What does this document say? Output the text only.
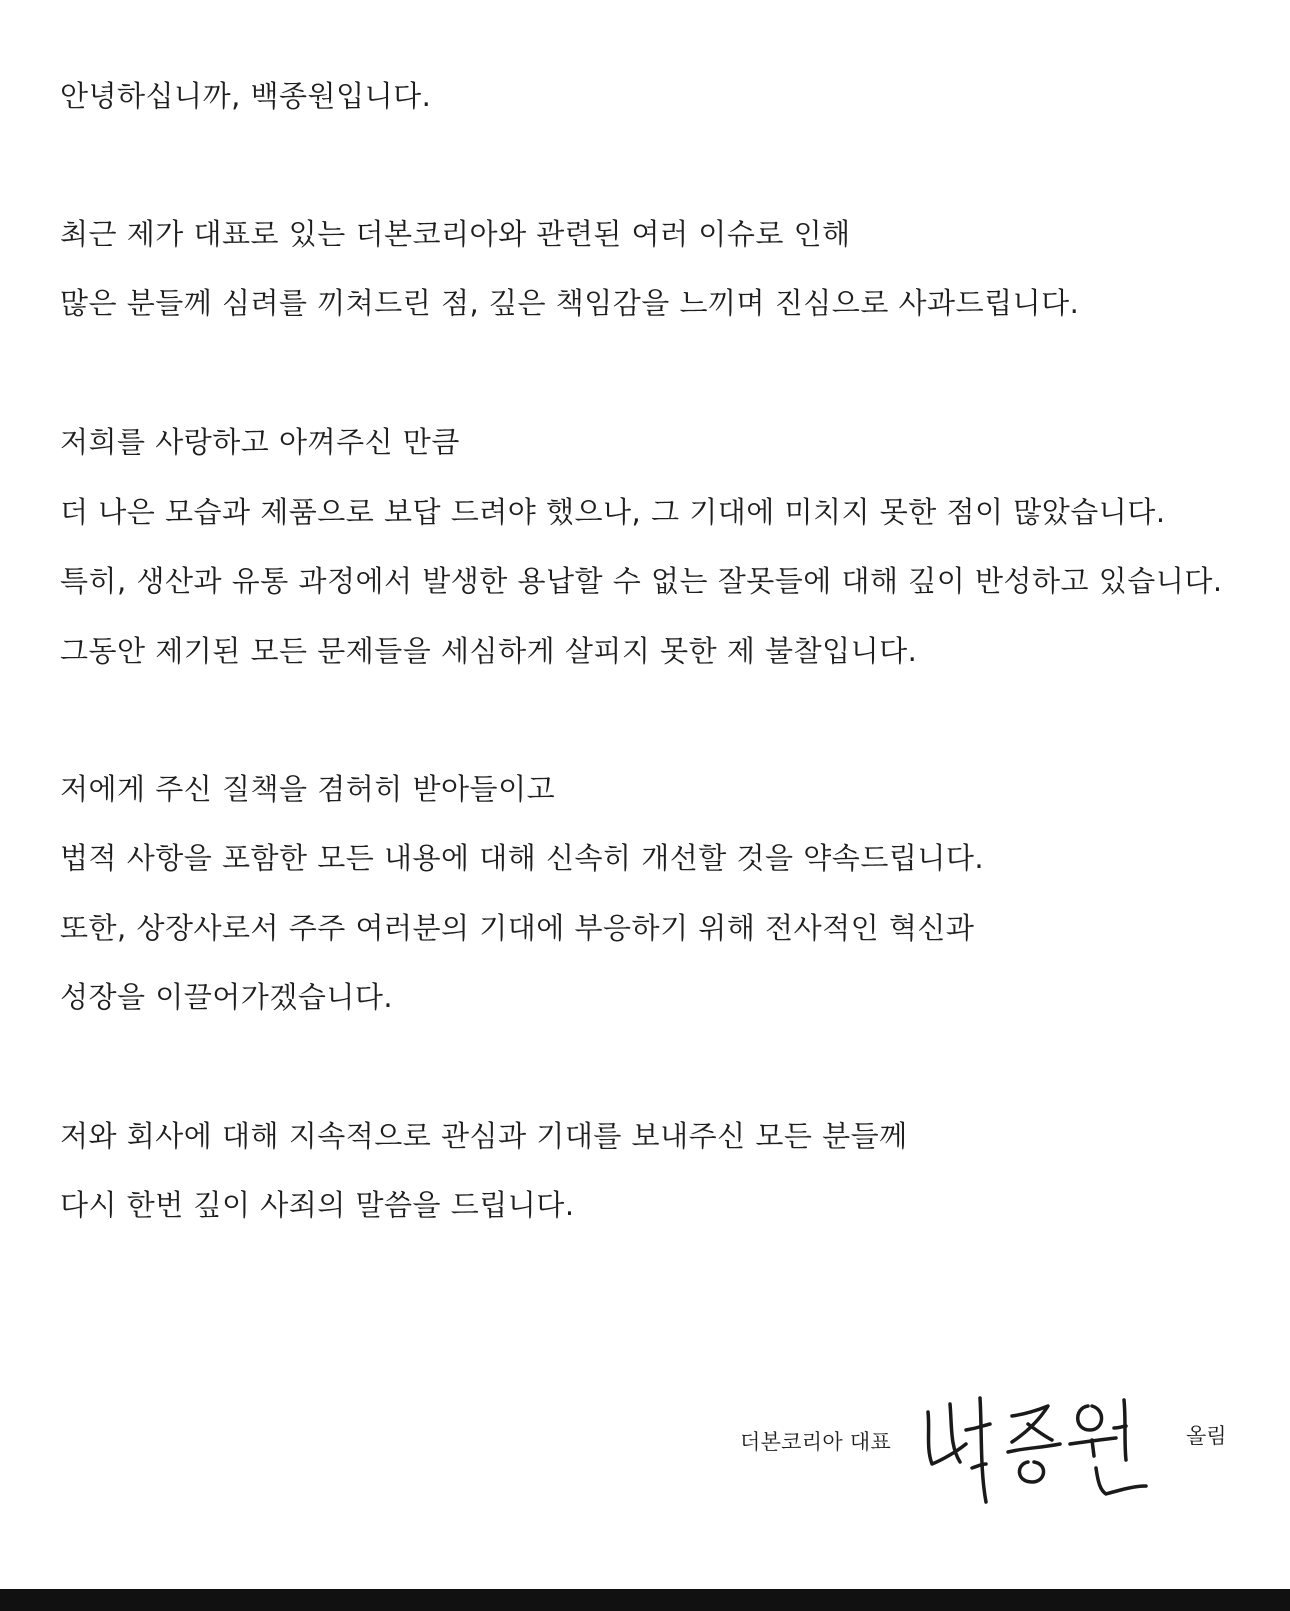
안녕하십니까, 백종원입니다.
최근 제가 대표로 있는 더본코리아와 관련된 여러 이슈로 인해
많은 분들께 심려를 끼쳐드린 점, 깊은 책임감을 느끼며 진심으로 사과드립니다.
저희를 사랑하고 아껴주신 만큼
더 나은 모습과 제품으로 보답 드려야 했으나, 그 기대에 미치지 못한 점이 많았습니다.
특히, 생산과 유통 과정에서 발생한 용납할 수 없는 잘못들에 대해 깊이 반성하고 있습니다.
그동안 제기된 모든 문제들을 세심하게 살피지 못한 제 불찰입니다.
저에게 주신 질책을 겸허히 받아들이고
법적 사항을 포함한 모든 내용에 대해 신속히 개선할 것을 약속드립니다.
또한, 상장사로서 주주 여러분의 기대에 부응하기 위해 전사적인 혁신과
성장을 이끌어가겠습니다.
저와 회사에 대해 지속적으로 관심과 기대를 보내주신 모든 분들께
다시 한번 깊이 사죄의 말씀을 드립니다.
더본코리아 대표	올림
